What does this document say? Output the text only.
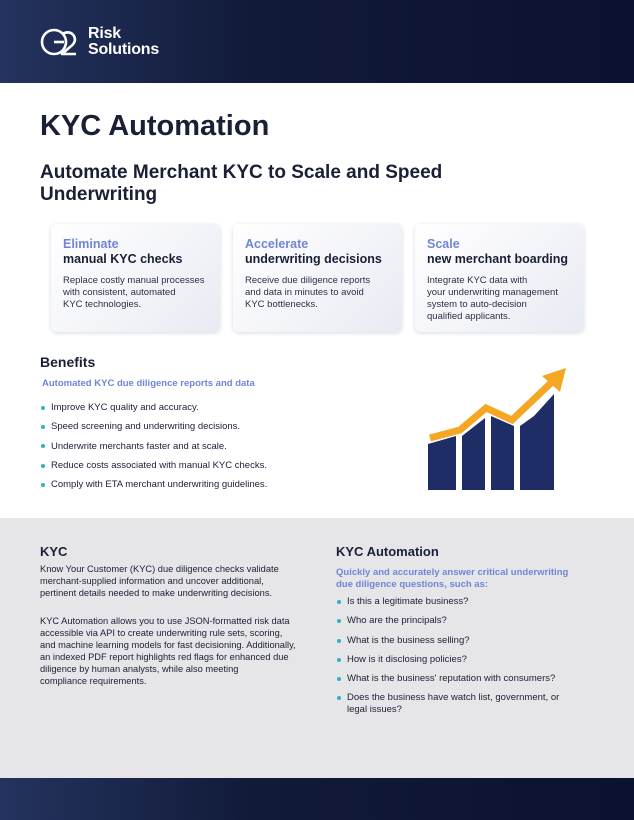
Risk
Solutions
KYC Automation
Automate Merchant KYC to Scale and Speed Underwriting
Eliminate
manual KYC checks
Replace costly manual processes
with consistent, automated
KYC technologies.
Accelerate
underwriting decisions
Receive due diligence reports
and data in minutes to avoid
KYC bottlenecks.
Scale
new merchant boarding
Integrate KYC data with
your underwriting management
system to auto-decision
qualified applicants.
Benefits
Automated KYC due diligence reports and data
Improve KYC quality and accuracy.
Speed screening and underwriting decisions.
Underwrite merchants faster and at scale.
Reduce costs associated with manual KYC checks.
Comply with ETA merchant underwriting guidelines.
KYC

Know Your Customer (KYC) due diligence checks validate
merchant-supplied information and uncover additional,
pertinent details needed to make underwriting decisions.

KYC Automation allows you to use JSON-formatted risk data
accessible via API to create underwriting rule sets, scoring,
and machine learning models for fast decisioning. Additionally,
an indexed PDF report highlights red flags for enhanced due
diligence by human analysts, while also meeting
compliance requirements.

KYC Automation
Quickly and accurately answer critical underwriting
due diligence questions, such as:
Is this a legitimate business?
Who are the principals?
What is the business selling?
How is it disclosing policies?
What is the business' reputation with consumers?
Does the business have watch list, government, or
legal issues?
